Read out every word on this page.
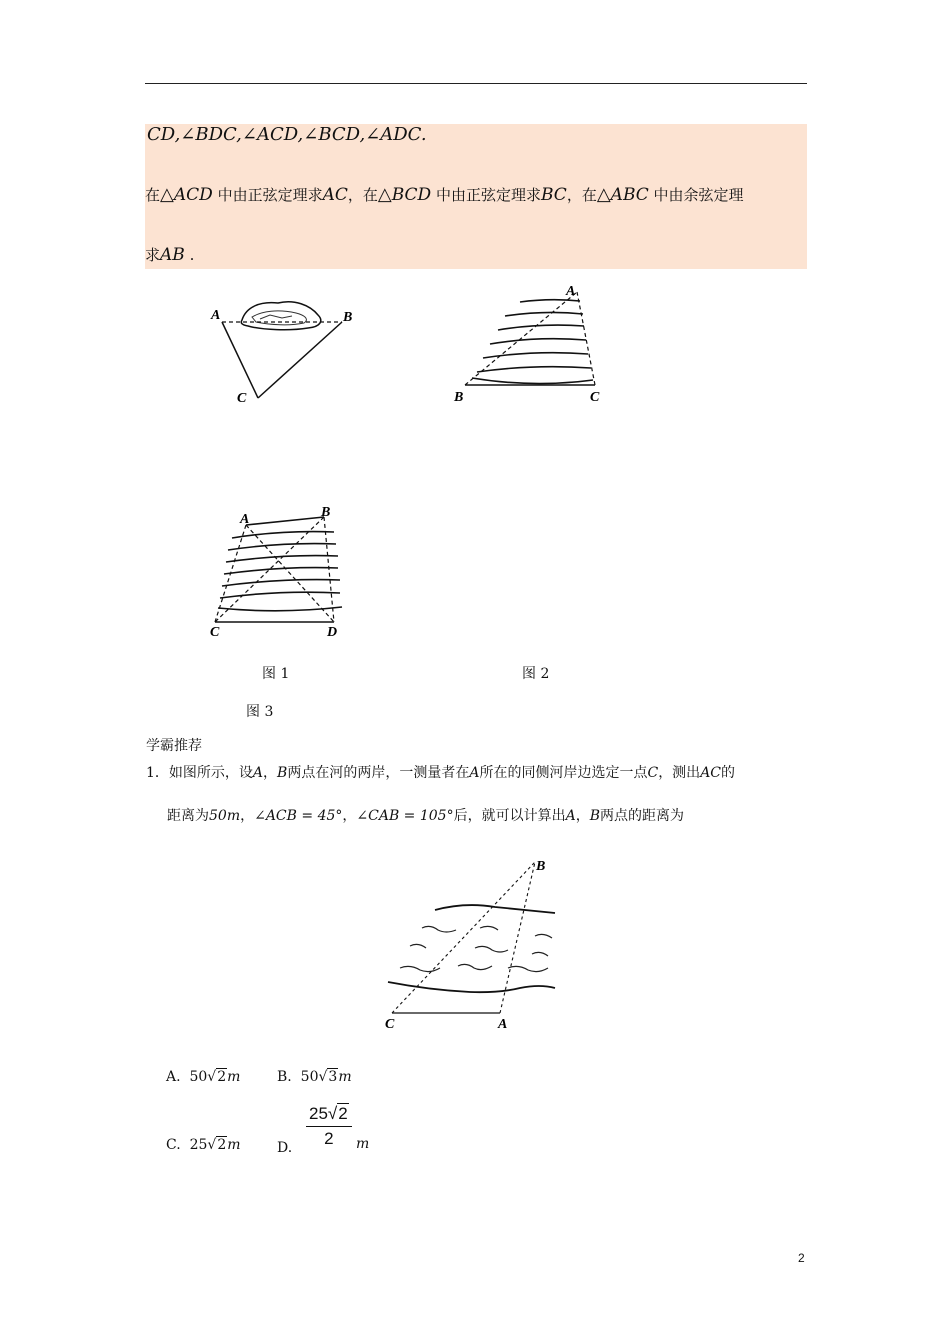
CD,∠BDC,∠ACD,∠BCD,∠ADC.
在△ACD 中由正弦定理求AC，在△BCD 中由正弦定理求BC，在△ABC 中由余弦定理
求AB .
A	B
C
A
B	C
A	B
C	D
图 1	图 2
图 3
学霸推荐
1．如图所示，设A，B两点在河的两岸，一测量者在A所在的同侧河岸边选定一点C，测出AC的
距离为50m，∠ACB = 45°，∠CAB = 105°后，就可以计算出A，B两点的距离为
A
B
C
A. 50√2m	B. 50√3m
C. 25√2m	D. $\frac{25√2}{2}$ m
2
